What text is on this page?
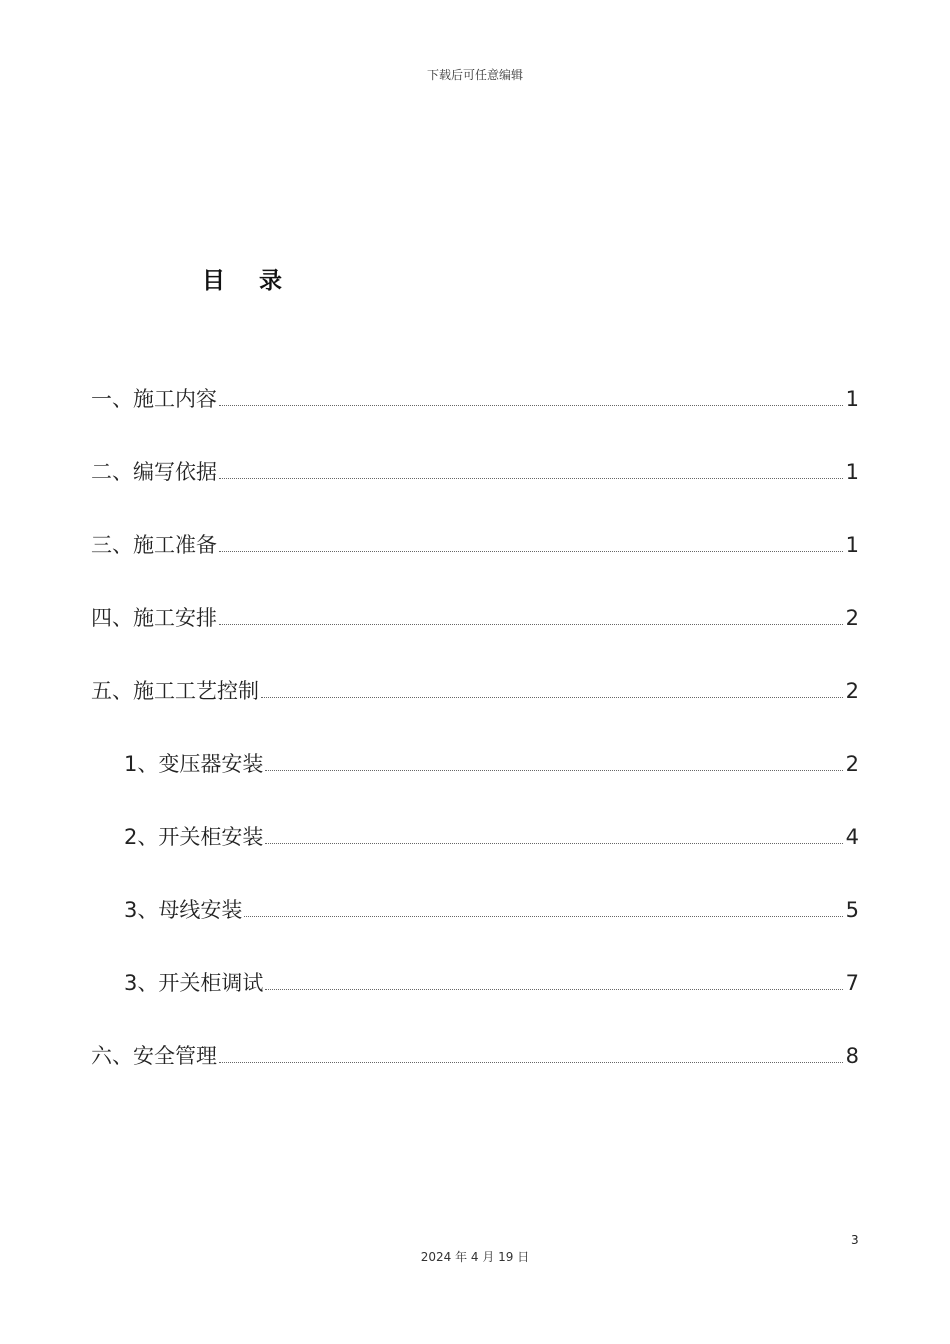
下载后可任意编辑
目 录
一、施工内容	1
二、编写依据	1
三、施工准备	1
四、施工安排	2
五、施工工艺控制	2
1、变压器安装	2
2、开关柜安装	4
3、母线安装	5
3、开关柜调试	7
六、安全管理	8
3
2024 年 4 月 19 日
